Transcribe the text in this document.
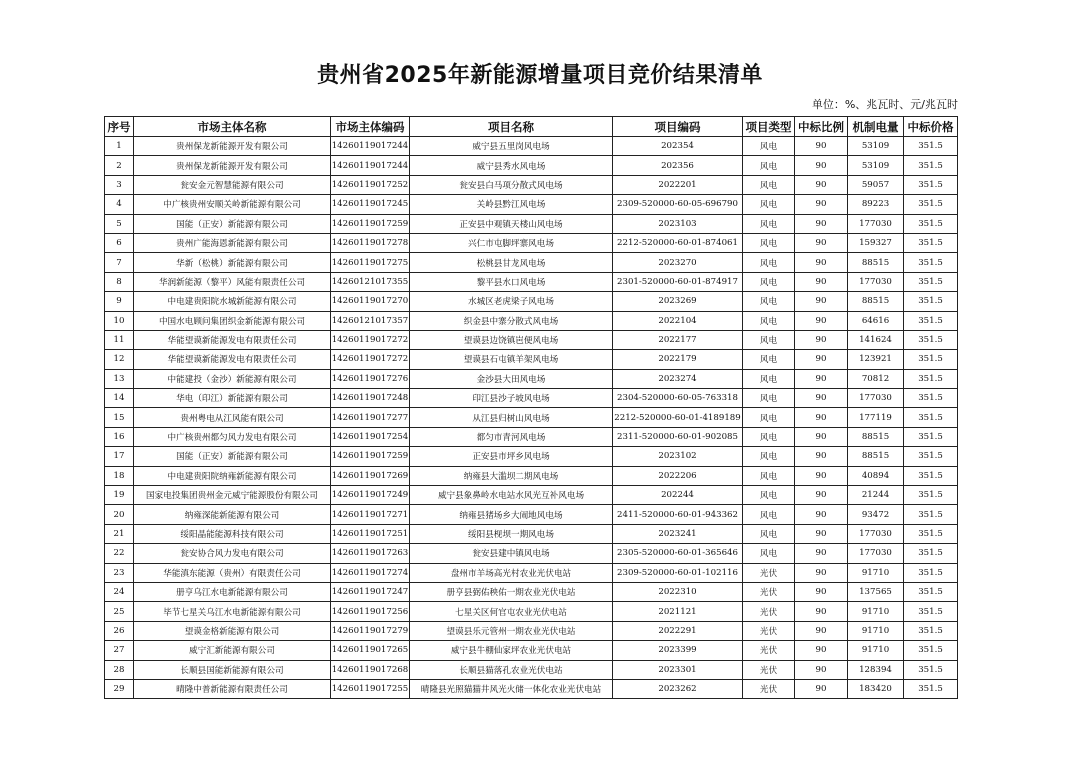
贵州省2025年新能源增量项目竞价结果清单
单位：%、兆瓦时、元/兆瓦时
序号	市场主体名称	市场主体编码	项目名称	项目编码	项目类型	中标比例	机制电量	中标价格
1	贵州保龙新能源开发有限公司	14260119017244	威宁县五里岗风电场	202354	风电	90	53109	351.5
2	贵州保龙新能源开发有限公司	14260119017244	威宁县秀水风电场	202356	风电	90	53109	351.5
3	瓮安金元智慧能源有限公司	14260119017252	瓮安县白马项分散式风电场	2022201	风电	90	59057	351.5
4	中广核贵州安顺关岭新能源有限公司	14260119017245	关岭县黔江风电场	2309-520000-60-05-696790	风电	90	89223	351.5
5	国能（正安）新能源有限公司	14260119017259	正安县中观镇天楼山风电场	2023103	风电	90	177030	351.5
6	贵州广能海恩新能源有限公司	14260119017278	兴仁市屯脚坪寨风电场	2212-520000-60-01-874061	风电	90	159327	351.5
7	华新（松桃）新能源有限公司	14260119017275	松桃县甘龙风电场	2023270	风电	90	88515	351.5
8	华润新能源（黎平）风能有限责任公司	14260121017355	黎平县水口风电场	2301-520000-60-01-874917	风电	90	177030	351.5
9	中电建贵阳院水城新能源有限公司	14260119017270	水城区老虎梁子风电场	2023269	风电	90	88515	351.5
10	中国水电顾问集团织金新能源有限公司	14260121017357	织金县中寨分散式风电场	2022104	风电	90	64616	351.5
11	华能望谟新能源发电有限责任公司	14260119017272	望谟县边饶镇岜便风电场	2022177	风电	90	141624	351.5
12	华能望谟新能源发电有限责任公司	14260119017272	望谟县石屯镇羊架风电场	2022179	风电	90	123921	351.5
13	中能建投（金沙）新能源有限公司	14260119017276	金沙县大田风电场	2023274	风电	90	70812	351.5
14	华电（印江）新能源有限公司	14260119017248	印江县沙子坡风电场	2304-520000-60-05-763318	风电	90	177030	351.5
15	贵州粤电从江风能有限公司	14260119017277	从江县归树山风电场	2212-520000-60-01-4189189	风电	90	177119	351.5
16	中广核贵州都匀风力发电有限公司	14260119017254	都匀市青河风电场	2311-520000-60-01-902085	风电	90	88515	351.5
17	国能（正安）新能源有限公司	14260119017259	正安县市坪乡风电场	2023102	风电	90	88515	351.5
18	中电建贵阳院纳雍新能源有限公司	14260119017269	纳雍县大滥坝二期风电场	2022206	风电	90	40894	351.5
19	国家电投集团贵州金元威宁能源股份有限公司	14260119017249	威宁县象鼻岭水电站水风光互补风电场	202244	风电	90	21244	351.5
20	纳雍深能新能源有限公司	14260119017271	纳雍县猪场乡大闹地风电场	2411-520000-60-01-943362	风电	90	93472	351.5
21	绥阳晶能能源科技有限公司	14260119017251	绥阳县枧坝一期风电场	2023241	风电	90	177030	351.5
22	瓮安协合风力发电有限公司	14260119017263	瓮安县建中镇风电场	2305-520000-60-01-365646	风电	90	177030	351.5
23	华能滇东能源（贵州）有限责任公司	14260119017274	盘州市羊场高光村农业光伏电站	2309-520000-60-01-102116	光伏	90	91710	351.5
24	册亨乌江水电新能源有限公司	14260119017247	册亨县弼佑秧佑一期农业光伏电站	2022310	光伏	90	137565	351.5
25	毕节七星关乌江水电新能源有限公司	14260119017256	七星关区何官屯农业光伏电站	2021121	光伏	90	91710	351.5
26	望谟金格新能源有限公司	14260119017279	望谟县乐元管州一期农业光伏电站	2022291	光伏	90	91710	351.5
27	威宁汇新能源有限公司	14260119017265	威宁县牛棚仙家坪农业光伏电站	2023399	光伏	90	91710	351.5
28	长顺县国能新能源有限公司	14260119017268	长顺县猫落孔农业光伏电站	2023301	光伏	90	128394	351.5
29	晴隆中普新能源有限责任公司	14260119017255	晴隆县光照猫猫井风光火储一体化农业光伏电站	2023262	光伏	90	183420	351.5
